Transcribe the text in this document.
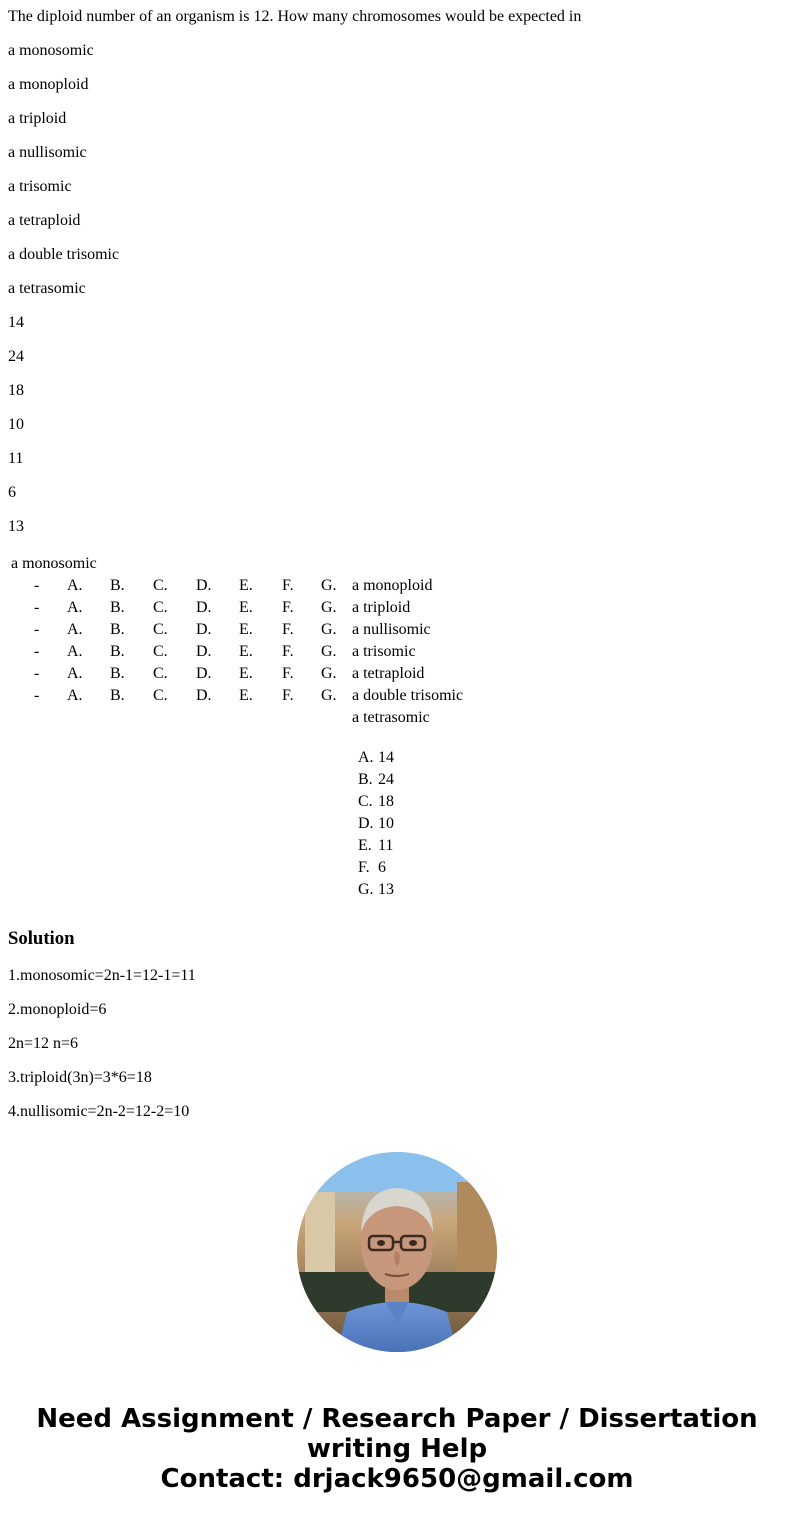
The diploid number of an organism is 12. How many chromosomes would be expected in

a monosomic

a monoploid

a triploid

a nullisomic

a trisomic

a tetraploid

a double trisomic

a tetrasomic

14

24

18

10

11

6

13

a monosomic
- A. B. C. D. E. F. G. a monoploid
- A. B. C. D. E. F. G. a triploid
- A. B. C. D. E. F. G. a nullisomic
- A. B. C. D. E. F. G. a trisomic
- A. B. C. D. E. F. G. a tetraploid
- A. B. C. D. E. F. G. a double trisomic
a tetrasomic
A. 14
B. 24
C. 18
D. 10
E. 11
F. 6
G. 13
Solution

1.monosomic=2n-1=12-1=11

2.monoploid=6

2n=12 n=6

3.triploid(3n)=3*6=18

4.nullisomic=2n-2=12-2=10

Need Assignment / Research Paper / Dissertation
writing Help
Contact: drjack9650@gmail.com
